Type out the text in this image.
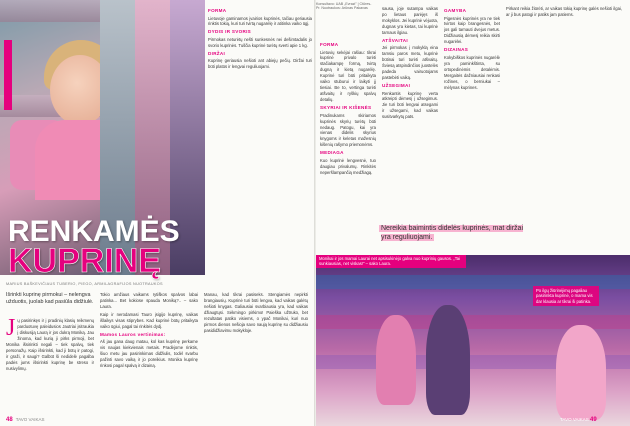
FORMA

Lietuvoje gaminamos įvairios kuprinės, tačiau geriausia rinktis tokią, kuri turi tvirtą nugarėlę ir atitinka vaiko ūgį.

DYDIS IR SVORIS

Pirmokas neturėtų nešti sunkesnės nei dešimtadalis jo svorio kuprinės. Tuščia kuprinė turėtų sverti apie 1 kg.

DIRŽAI

Kuprinę geriausia nešioti ant abiejų pečių. Diržai turi būti platūs ir lengvai reguliuojami.

RENKAMĖS
KUPRINĘ
MARIUS BAŠKEVIČIAUS TUBERIO, PIEGO, ARMILAGRAFIJOS NUOTRAUKOS
Išrinkti kuprinę pirmokui – nelengva užduotis, juolab kad pasiūla didžiulė.
J ų pasirinkęs ir į pradinių klasių reikmenų parduotuvę paleidusios Jautriai įsitraukia į diskusiją Laurą ir jos dukrą Moniką. Jau žinoma, kad kurią ji pirks pirmoji, bet Monika išsirinkti negali – tiek spalvų, tiek personažų. Kaip išsirinkti, kad ji būtų ir patogi, ir graži, ir saugi? Galbūt ši nedidelė pagalba padės jums išsirinkti kuprinę be streso ir nusivylimų.

Tokio amžiaus vaikams rytiškos spalvos labai patinka... Bet kokiose spauda Moniką?.. – sako Laura.

Kaip ir nerodamasi Tauro įsigijo kuprinę, vaikas išlaikys visas stiprybes. Kad kuprinė būtų pritaikyta vaiko ūgiui, pagal tai rinkitės dydį.

Mamos Lauros vertinimas:

Aš jau gana daug matau, kol kas kuprinę perkame vis naujas kiekvienais metais. Pradėjome rinktis, šiuo metu jau pasirinkimas didžiulis, todėl svarbu pažinti savo vaiką ir jo poreikius. Monika kuprinę rinkosi pagal spalvą ir dizainą.

Manau, kad tikrai pasiseks. Stengiamės nepirkti brangiausių. Kuprinė turi būti lengva, kad vaikas galėtų nešioti knygas. Galiausiai svarbiausia yra, kad vaikas džiaugtųsi. Sėkmingo pirkimo! Paieška užtruko, bet rezultatas patiko visiems, o ypač Monikai, kuri nuo pirmos dienos nešioja savo naują kuprinę su didžiausiu pasididžiavimu mokykloje.

48 TAVO VAIKAS
Konsultavo: UAB „Evrazi" | Ctūres-Pr. Nuotraukos: Arūnas Pakavas
FORMA

Lietuvių sekėjai rašiau: tikrai kuprinė privalo turėti stačiakampę formą, tvirtą dugną ir kietą nugarėlę. Kuprinė turi būti pritaikyta vaiko stuburui ir laikyti jį tiesiai. Be to, vertinga turėti atšvaitų ir ryškių spalvų detalių.

SKYRIAI IR KIŠENĖS

Pradinukams skiriamos kuprinės skyrių turėtų būti nedaug. Patogu, kai yra vienas didelis skyrius knygoms ir keletas mažesnių kišenių rašymo priemonėms.

MEDIAGA

Kuo kuprinė lengvesnė, tuo daugiau privalumų. Rinkitės neperšlampančią medžiagą.

sausa, joje sutampa vaikas po lietaus parėjęs iš mokyklos. Jei kuprinė vėjuota, dugnas yra kietas, tai kuprinė tarnaus ilgiau.

ATŠVAITAI

Jei pirmokas į mokyklą eina tamsiu paros metu, kuprinė būtinai turi turėti atšvaitų. Šviesą atspindinčios juostelės padeda vairuotojams pastebėti vaiką.

UŽSEGIMAI

Renkantis kuprinę verta atkreipti dėmesį į užsegimus. Jie turi būti lengvai atsegami ir užsegami, kad vaikas susitvarkytų pats.

GAMYBA

Pigesnės kuprinės yra ne tiek tvirtos kaip brangesnės, bet jos gali tarnauti dvejus metus. Didžiausią dėmesį reikia skirti nugarėlei.

DIZAINAS

Kokybiškos kuprinės nugarėlė yra paminkštinta, su ortopedinėmis detalėmis. Mergaitės dažniausiai renkasi rožines, o berniukai – mėlynas kuprines.

Pirkant reikia žiūrėti, ar vaikas tokią kuprinę galės nešioti ilgai, ar ji bus patogi ir patiks jam patiems.

Monikai ir jos mamai Laurai net apsisukinėjo galva nuo kuprinių gausos. „Tai sunkiausias, net viskas!" – sako Laura.
Po ilgų žiūrinėjimų pagaliau pasirinkta kuprinė, o mama vis dar klausia ar tikrai ši patinka.
Nereikia baimintis didelės kuprinės, mat diržai yra reguliuojami.
TAVO VAIKAS 49
